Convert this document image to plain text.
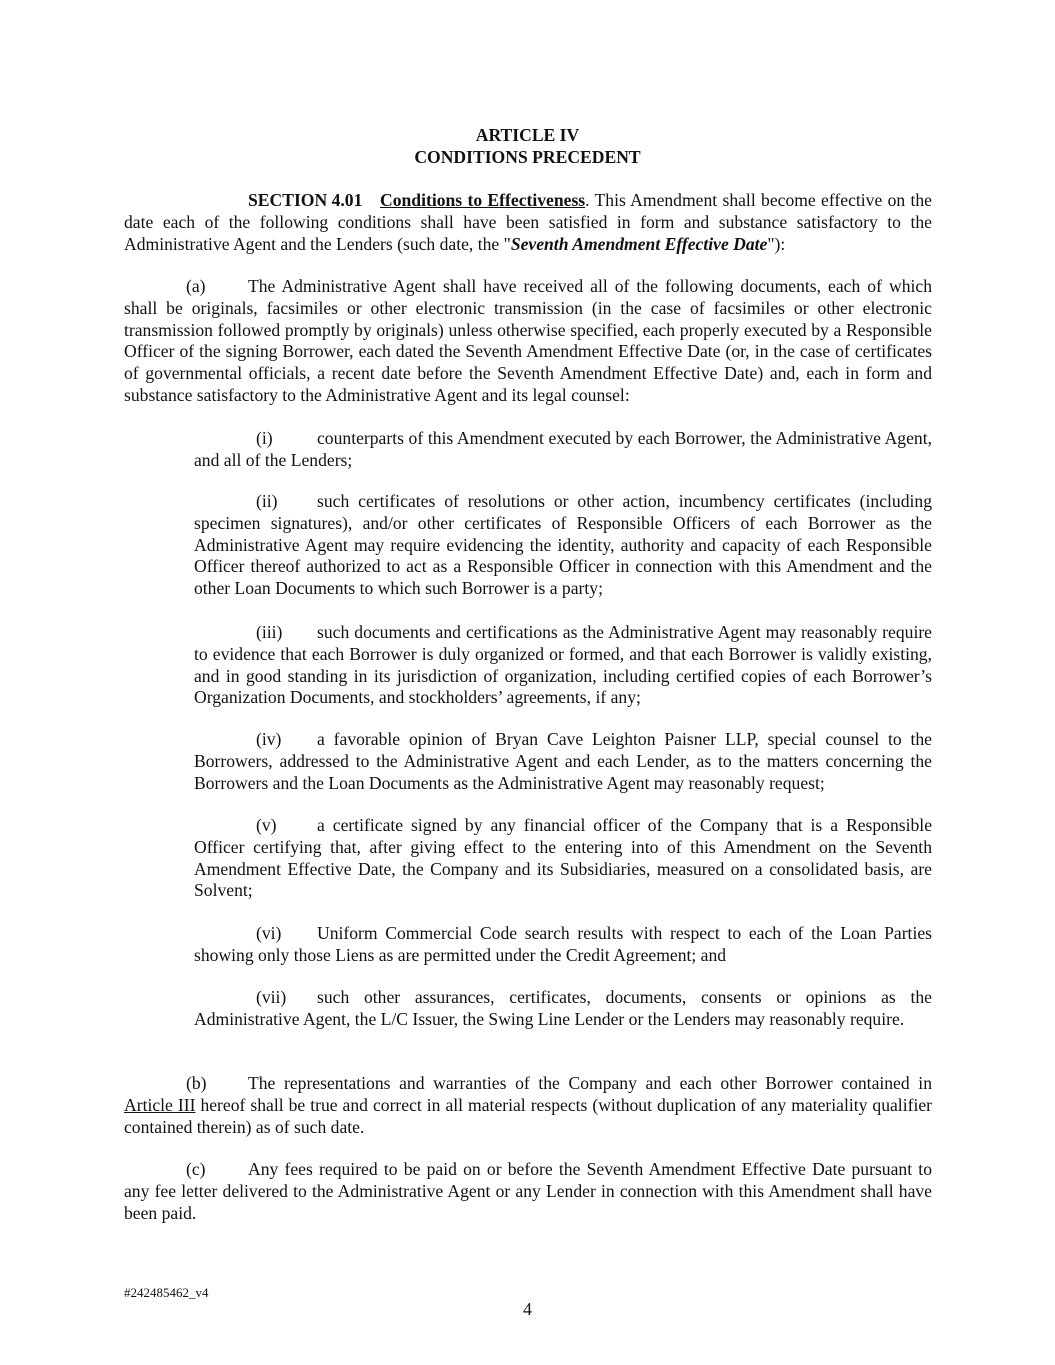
ARTICLE IV
CONDITIONS PRECEDENT
SECTION 4.01 Conditions to Effectiveness. This Amendment shall become effective on the date each of the following conditions shall have been satisfied in form and substance satisfactory to the Administrative Agent and the Lenders (such date, the "Seventh Amendment Effective Date"):
(a) The Administrative Agent shall have received all of the following documents, each of which shall be originals, facsimiles or other electronic transmission (in the case of facsimiles or other electronic transmission followed promptly by originals) unless otherwise specified, each properly executed by a Responsible Officer of the signing Borrower, each dated the Seventh Amendment Effective Date (or, in the case of certificates of governmental officials, a recent date before the Seventh Amendment Effective Date) and, each in form and substance satisfactory to the Administrative Agent and its legal counsel:
(i)	counterparts of this Amendment executed by each Borrower, the Administrative Agent, and all of the Lenders;
(ii) such certificates of resolutions or other action, incumbency certificates (including specimen signatures), and/or other certificates of Responsible Officers of each Borrower as the Administrative Agent may require evidencing the identity, authority and capacity of each Responsible Officer thereof authorized to act as a Responsible Officer in connection with this Amendment and the other Loan Documents to which such Borrower is a party;
(iii) such documents and certifications as the Administrative Agent may reasonably require to evidence that each Borrower is duly organized or formed, and that each Borrower is validly existing, and in good standing in its jurisdiction of organization, including certified copies of each Borrower’s Organization Documents, and stockholders’ agreements, if any;
(iv) a favorable opinion of Bryan Cave Leighton Paisner LLP, special counsel to the Borrowers, addressed to the Administrative Agent and each Lender, as to the matters concerning the Borrowers and the Loan Documents as the Administrative Agent may reasonably request;
(v) a certificate signed by any financial officer of the Company that is a Responsible Officer certifying that, after giving effect to the entering into of this Amendment on the Seventh Amendment Effective Date, the Company and its Subsidiaries, measured on a consolidated basis, are Solvent;
(vi) Uniform Commercial Code search results with respect to each of the Loan Parties showing only those Liens as are permitted under the Credit Agreement; and
(vii) such other assurances, certificates, documents, consents or opinions as the Administrative Agent, the L/C Issuer, the Swing Line Lender or the Lenders may reasonably require.
(b) The representations and warranties of the Company and each other Borrower contained in Article III hereof shall be true and correct in all material respects (without duplication of any materiality qualifier contained therein) as of such date.
(c) Any fees required to be paid on or before the Seventh Amendment Effective Date pursuant to any fee letter delivered to the Administrative Agent or any Lender in connection with this Amendment shall have been paid.
#242485462_v4
4
